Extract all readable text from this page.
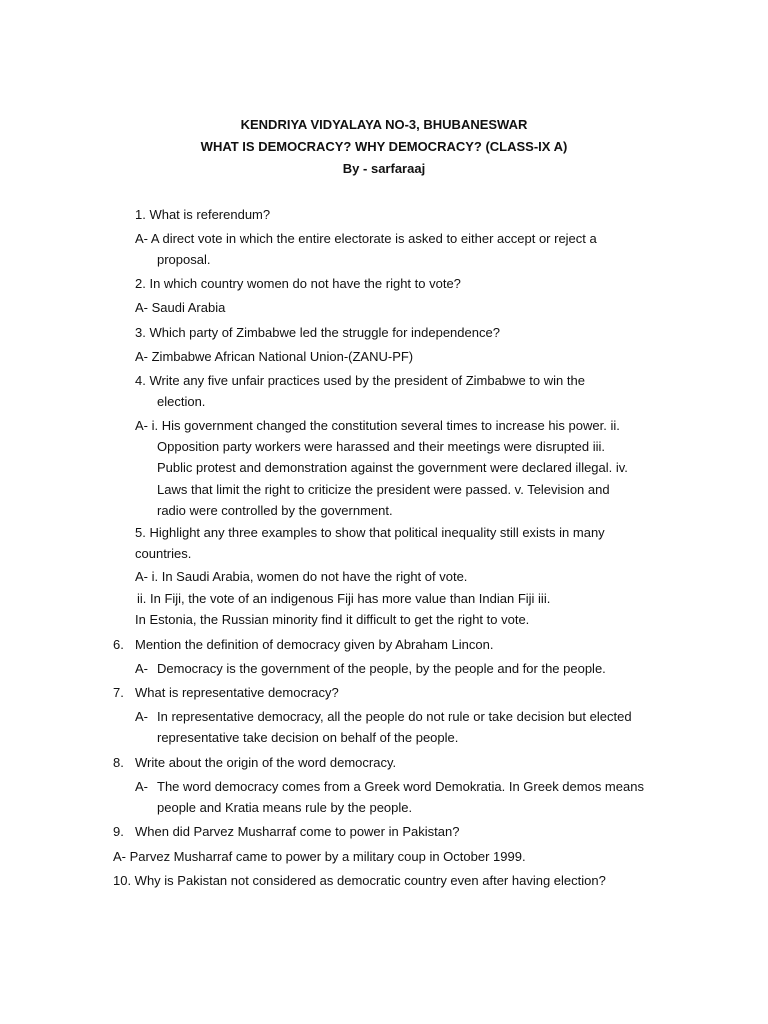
KENDRIYA VIDYALAYA NO-3, BHUBANESWAR
WHAT IS DEMOCRACY? WHY DEMOCRACY? (CLASS-IX A)
By - sarfaraaj
1. What is referendum?
A- A direct vote in which the entire electorate is asked to either accept or reject a
proposal.
2. In which country women do not have the right to vote?
A- Saudi Arabia
3. Which party of Zimbabwe led the struggle for independence?
A- Zimbabwe African National Union-(ZANU-PF)
4. Write any five unfair practices used by the president of Zimbabwe to win the
election.
A- i. His government changed the constitution several times to increase his power. ii.
Opposition party workers were harassed and their meetings were disrupted iii.
Public protest and demonstration against the government were declared illegal. iv.
Laws that limit the right to criticize the president were passed. v. Television and
radio were controlled by the government.
5. Highlight any three examples to show that political inequality still exists in many
countries.
A- i. In Saudi Arabia, women do not have the right of vote.
ii. In Fiji, the vote of an indigenous Fiji has more value than Indian Fiji iii.
In Estonia, the Russian minority find it difficult to get the right to vote.
6. Mention the definition of democracy given by Abraham Lincon.
A- Democracy is the government of the people, by the people and for the people.
7. What is representative democracy?
A- In representative democracy, all the people do not rule or take decision but elected
representative take decision on behalf of the people.
8. Write about the origin of the word democracy.
A- The word democracy comes from a Greek word Demokratia. In Greek demos means
people and Kratia means rule by the people.
9. When did Parvez Musharraf come to power in Pakistan?
A- Parvez Musharraf came to power by a military coup in October 1999.
10. Why is Pakistan not considered as democratic country even after having election?
